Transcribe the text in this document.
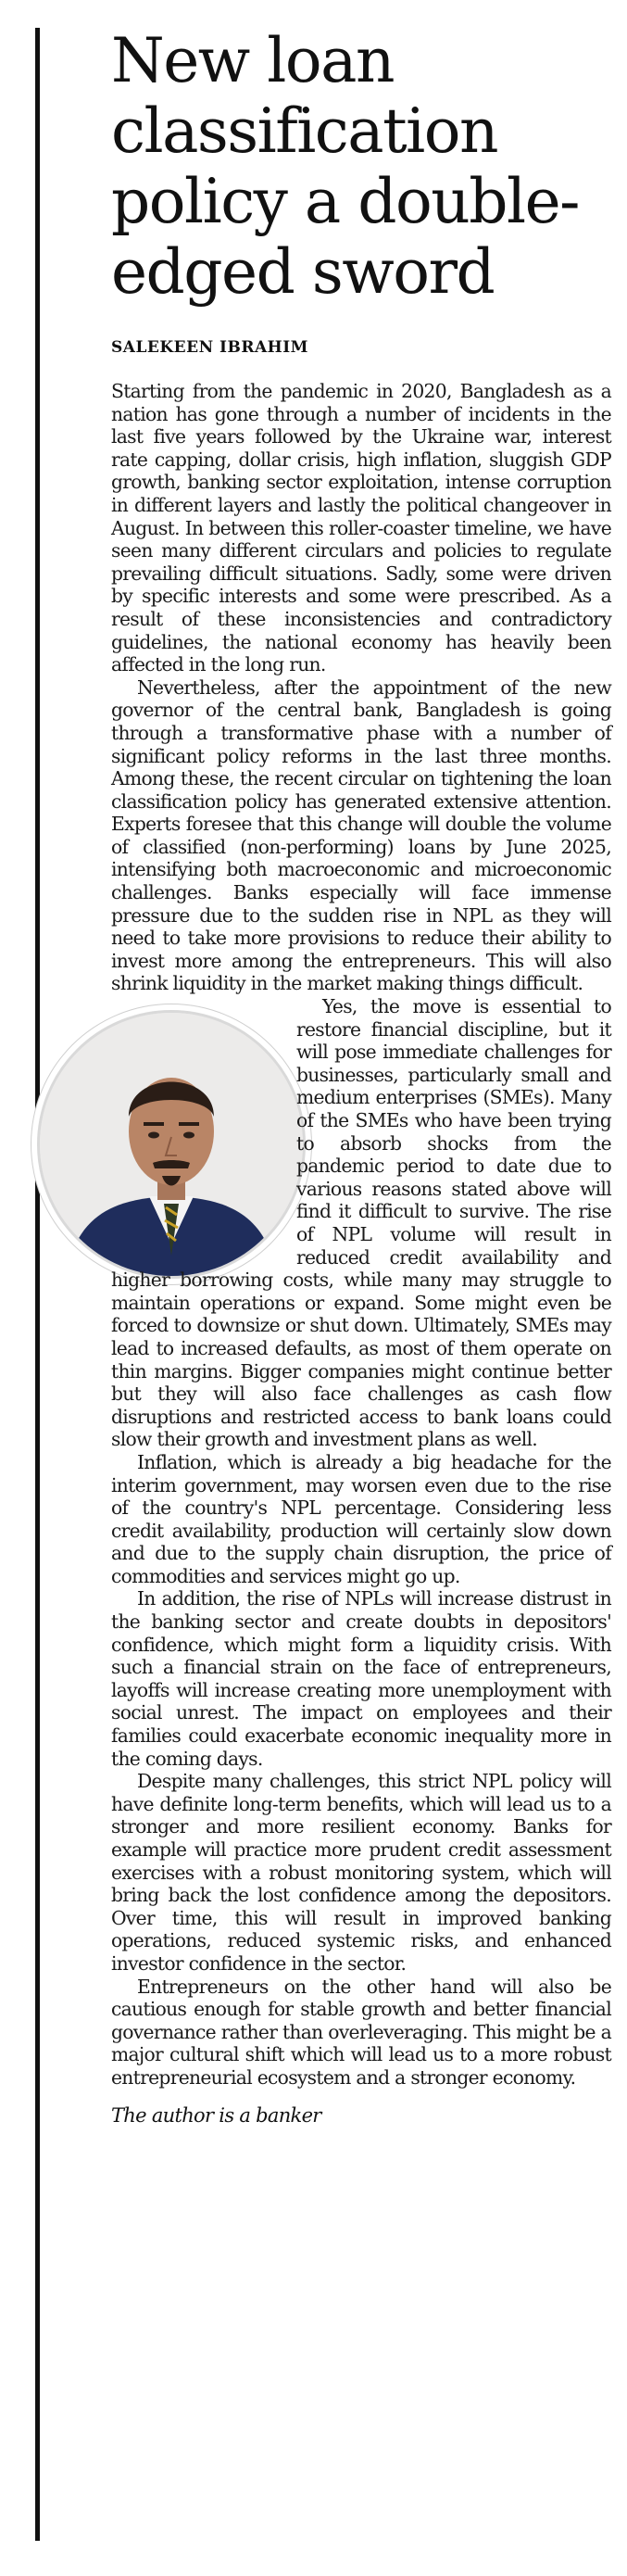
New loan classification policy a double-edged sword
SALEKEEN IBRAHIM

Starting from the pandemic in 2020, Bangladesh as a nation has gone through a number of incidents in the last five years followed by the Ukraine war, interest rate capping, dollar crisis, high inflation, sluggish GDP growth, banking sector exploitation, intense corruption in different layers and lastly the political changeover in August. In between this roller-coaster timeline, we have seen many different circulars and policies to regulate prevailing difficult situations. Sadly, some were driven by specific interests and some were prescribed. As a result of these inconsistencies and contradictory guidelines, the national economy has heavily been affected in the long run.

Nevertheless, after the appointment of the new governor of the central bank, Bangladesh is going through a transformative phase with a number of significant policy reforms in the last three months. Among these, the recent circular on tightening the loan classification policy has generated extensive attention. Experts foresee that this change will double the volume of classified (non-performing) loans by June 2025, intensifying both macroeconomic and microeconomic challenges. Banks especially will face immense pressure due to the sudden rise in NPL as they will need to take more provisions to reduce their ability to invest more among the entrepreneurs. This will also shrink liquidity in the market making things difficult.

Yes, the move is essential to restore financial discipline, but it will pose immediate challenges for businesses, particularly small and medium enterprises (SMEs). Many of the SMEs who have been trying to absorb shocks from the pandemic period to date due to various reasons stated above will find it difficult to survive. The rise of NPL volume will result in reduced credit availability and higher borrowing costs, while many may struggle to maintain operations or expand. Some might even be forced to downsize or shut down. Ultimately, SMEs may lead to increased defaults, as most of them operate on thin margins. Bigger companies might continue better but they will also face challenges as cash flow disruptions and restricted access to bank loans could slow their growth and investment plans as well.

Inflation, which is already a big headache for the interim government, may worsen even due to the rise of the country's NPL percentage. Considering less credit availability, production will certainly slow down and due to the supply chain disruption, the price of commodities and services might go up.

In addition, the rise of NPLs will increase distrust in the banking sector and create doubts in depositors' confidence, which might form a liquidity crisis. With such a financial strain on the face of entrepreneurs, layoffs will increase creating more unemployment with social unrest. The impact on employees and their families could exacerbate economic inequality more in the coming days.

Despite many challenges, this strict NPL policy will have definite long-term benefits, which will lead us to a stronger and more resilient economy. Banks for example will practice more prudent credit assessment exercises with a robust monitoring system, which will bring back the lost confidence among the depositors. Over time, this will result in improved banking operations, reduced systemic risks, and enhanced investor confidence in the sector.

Entrepreneurs on the other hand will also be cautious enough for stable growth and better financial governance rather than overleveraging. This might be a major cultural shift which will lead us to a more robust entrepreneurial ecosystem and a stronger economy.

The author is a banker
